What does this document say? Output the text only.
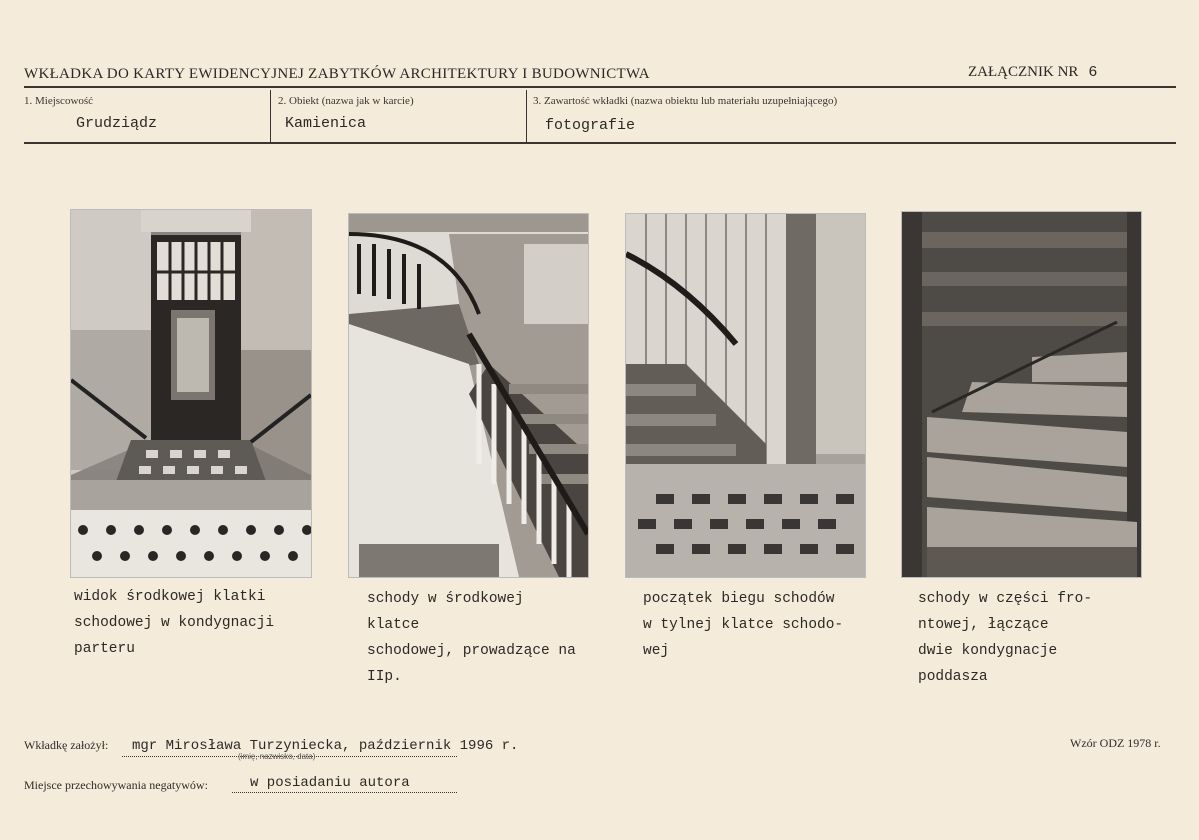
WKŁADKA DO KARTY EWIDENCYJNEJ ZABYTKÓW ARCHITEKTURY I BUDOWNICTWA	ZAŁĄCZNIK NR 6
1. Miejscowość
Grudziądz
2. Obiekt (nazwa jak w karcie)
Kamienica
3. Zawartość wkładki (nazwa obiektu lub materiału uzupełniającego)
fotografie
widok środkowej klatki
schodowej w kondygnacji
parteru
schody w środkowej klatce
schodowej, prowadzące na
IIp.
początek biegu schodów
w tylnej klatce schodo-
wej
schody w części fro-
ntowej, łączące
dwie kondygnacje
poddasza
Wkładkę założył: mgr Mirosława Turzyniecka, październik 1996 r.
(imię, nazwisko, data)
Miejsce przechowywania negatywów:	w posiadaniu autora
Wzór ODZ 1978 r.
